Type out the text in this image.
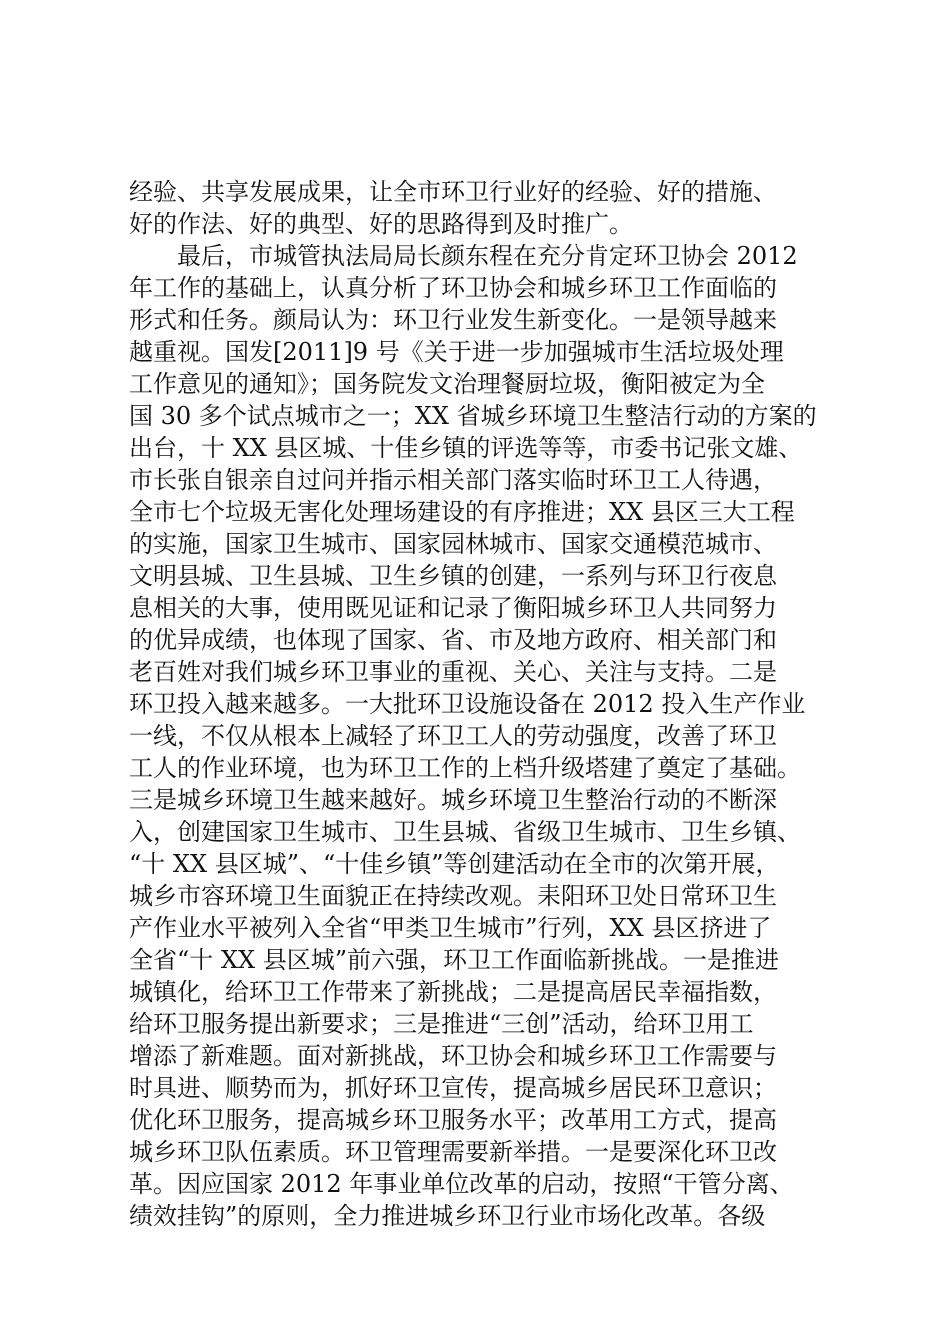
经验、共享发展成果，让全市环卫行业好的经验、好的措施、
好的作法、好的典型、好的思路得到及时推广。
　　最后，市城管执法局局长颜东程在充分肯定环卫协会 2012
年工作的基础上，认真分析了环卫协会和城乡环卫工作面临的
形式和任务。颜局认为：环卫行业发生新变化。一是领导越来
越重视。国发[2011]9 号《关于进一步加强城市生活垃圾处理
工作意见的通知》；国务院发文治理餐厨垃圾，衡阳被定为全
国 30 多个试点城市之一；XX 省城乡环境卫生整洁行动的方案的
出台，十 XX 县区城、十佳乡镇的评选等等，市委书记张文雄、
市长张自银亲自过问并指示相关部门落实临时环卫工人待遇，
全市七个垃圾无害化处理场建设的有序推进；XX 县区三大工程
的实施，国家卫生城市、国家园林城市、国家交通模范城市、
文明县城、卫生县城、卫生乡镇的创建，一系列与环卫行夜息
息相关的大事，使用既见证和记录了衡阳城乡环卫人共同努力
的优异成绩，也体现了国家、省、市及地方政府、相关部门和
老百姓对我们城乡环卫事业的重视、关心、关注与支持。二是
环卫投入越来越多。一大批环卫设施设备在 2012 投入生产作业
一线，不仅从根本上减轻了环卫工人的劳动强度，改善了环卫
工人的作业环境，也为环卫工作的上档升级塔建了奠定了基础。
三是城乡环境卫生越来越好。城乡环境卫生整治行动的不断深
入，创建国家卫生城市、卫生县城、省级卫生城市、卫生乡镇、
“十 XX 县区城”、“十佳乡镇”等创建活动在全市的次第开展，
城乡市容环境卫生面貌正在持续改观。耒阳环卫处日常环卫生
产作业水平被列入全省“甲类卫生城市”行列，XX 县区挤进了
全省“十 XX 县区城”前六强，环卫工作面临新挑战。一是推进
城镇化，给环卫工作带来了新挑战；二是提高居民幸福指数，
给环卫服务提出新要求；三是推进“三创”活动，给环卫用工
增添了新难题。面对新挑战，环卫协会和城乡环卫工作需要与
时具进、顺势而为，抓好环卫宣传，提高城乡居民环卫意识；
优化环卫服务，提高城乡环卫服务水平；改革用工方式，提高
城乡环卫队伍素质。环卫管理需要新举措。一是要深化环卫改
革。因应国家 2012 年事业单位改革的启动，按照“干管分离、
绩效挂钩”的原则，全力推进城乡环卫行业市场化改革。各级
